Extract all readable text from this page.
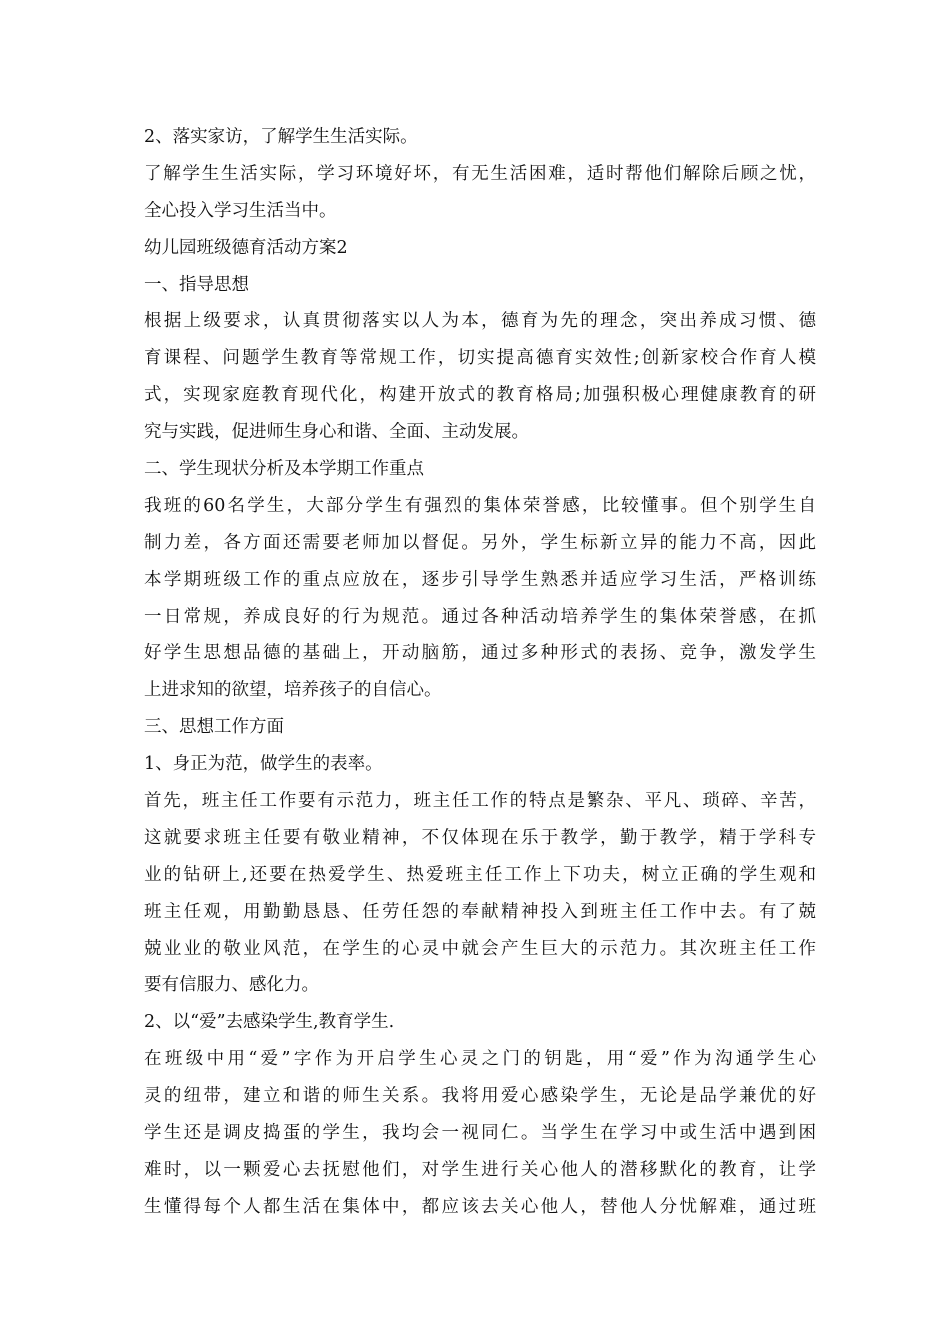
2、落实家访，了解学生生活实际。
了解学生生活实际，学习环境好坏，有无生活困难，适时帮他们解除后顾之忧，
全心投入学习生活当中。
幼儿园班级德育活动方案2
一、指导思想
根据上级要求，认真贯彻落实以人为本，德育为先的理念，突出养成习惯、德
育课程、问题学生教育等常规工作，切实提高德育实效性;创新家校合作育人模
式，实现家庭教育现代化，构建开放式的教育格局;加强积极心理健康教育的研
究与实践，促进师生身心和谐、全面、主动发展。
二、学生现状分析及本学期工作重点
我班的60名学生，大部分学生有强烈的集体荣誉感，比较懂事。但个别学生自
制力差，各方面还需要老师加以督促。另外，学生标新立异的能力不高，因此
本学期班级工作的重点应放在，逐步引导学生熟悉并适应学习生活，严格训练
一日常规，养成良好的行为规范。通过各种活动培养学生的集体荣誉感，在抓
好学生思想品德的基础上，开动脑筋，通过多种形式的表扬、竞争，激发学生
上进求知的欲望，培养孩子的自信心。
三、思想工作方面
1、身正为范，做学生的表率。
首先，班主任工作要有示范力，班主任工作的特点是繁杂、平凡、琐碎、辛苦，
这就要求班主任要有敬业精神，不仅体现在乐于教学，勤于教学，精于学科专
业的钻研上,还要在热爱学生、热爱班主任工作上下功夫，树立正确的学生观和
班主任观，用勤勤恳恳、任劳任怨的奉献精神投入到班主任工作中去。有了兢
兢业业的敬业风范，在学生的心灵中就会产生巨大的示范力。其次班主任工作
要有信服力、感化力。
2、以“爱”去感染学生,教育学生.
在班级中用“爱”字作为开启学生心灵之门的钥匙，用“爱”作为沟通学生心
灵的纽带，建立和谐的师生关系。我将用爱心感染学生，无论是品学兼优的好
学生还是调皮捣蛋的学生，我均会一视同仁。当学生在学习中或生活中遇到困
难时，以一颗爱心去抚慰他们，对学生进行关心他人的潜移默化的教育，让学
生懂得每个人都生活在集体中，都应该去关心他人，替他人分忧解难，通过班
